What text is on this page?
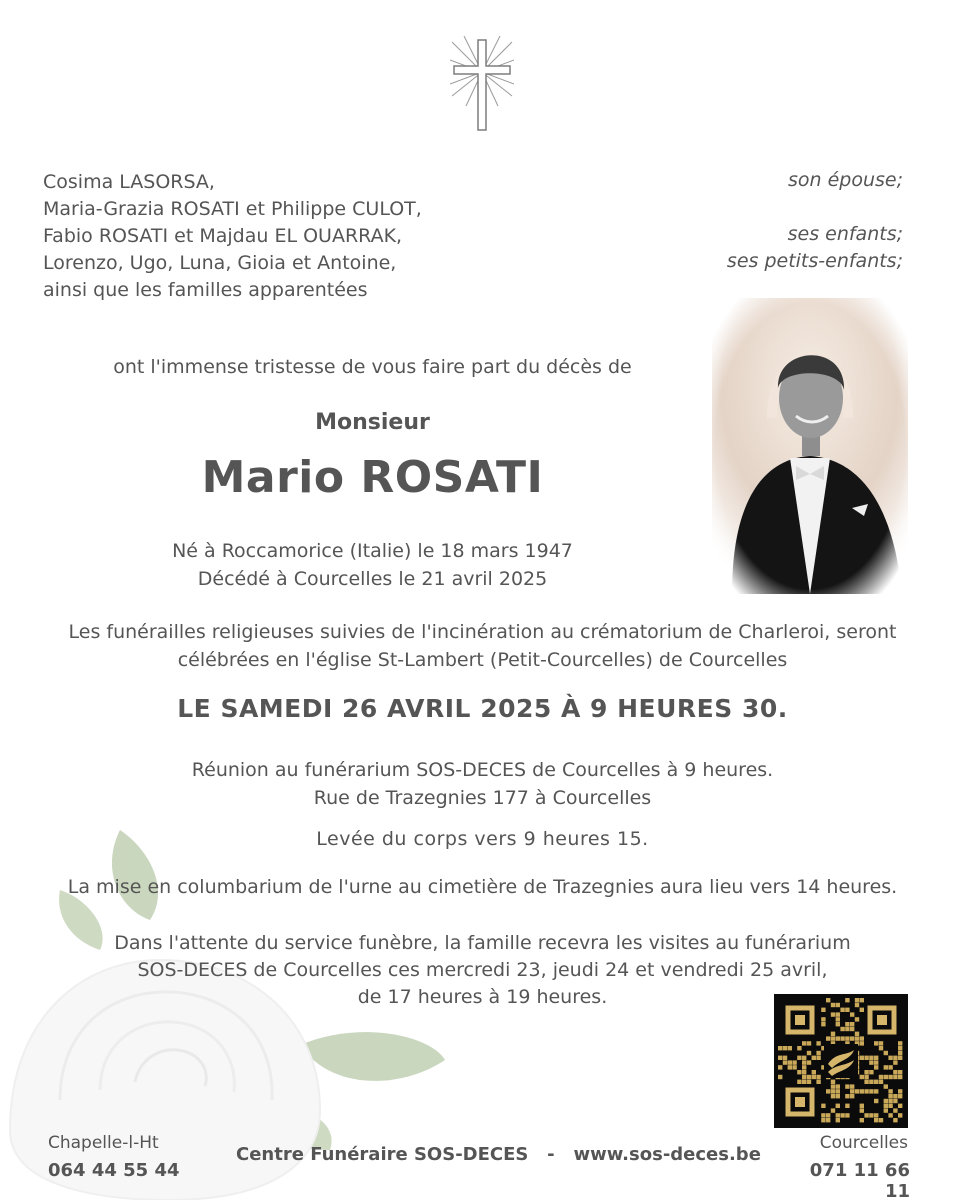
Cosima LASORSA,
Maria-Grazia ROSATI et Philippe CULOT,
Fabio ROSATI et Majdau EL OUARRAK,
Lorenzo, Ugo, Luna, Gioia et Antoine,
ainsi que les familles apparentées
son épouse;
ses enfants;
ses petits-enfants;
ont l'immense tristesse de vous faire part du décès de
Monsieur
Mario ROSATI
Né à Roccamorice (Italie) le 18 mars 1947
Décédé à Courcelles le 21 avril 2025
Les funérailles religieuses suivies de l'incinération au crématorium de Charleroi, seront
célébrées en l'église St-Lambert (Petit-Courcelles) de Courcelles
LE SAMEDI 26 AVRIL 2025 À 9 HEURES 30.
Réunion au funérarium SOS-DECES de Courcelles à 9 heures.
Rue de Trazegnies 177 à Courcelles
Levée du corps vers 9 heures 15.
La mise en columbarium de l'urne au cimetière de Trazegnies aura lieu vers 14 heures.
Dans l'attente du service funèbre, la famille recevra les visites au funérarium
SOS-DECES de Courcelles ces mercredi 23, jeudi 24 et vendredi 25 avril,
de 17 heures à 19 heures.
Chapelle-l-Ht
064 44 55 44
Centre Funéraire SOS-DECES   -   www.sos-deces.be
Courcelles
071 11 66 11
